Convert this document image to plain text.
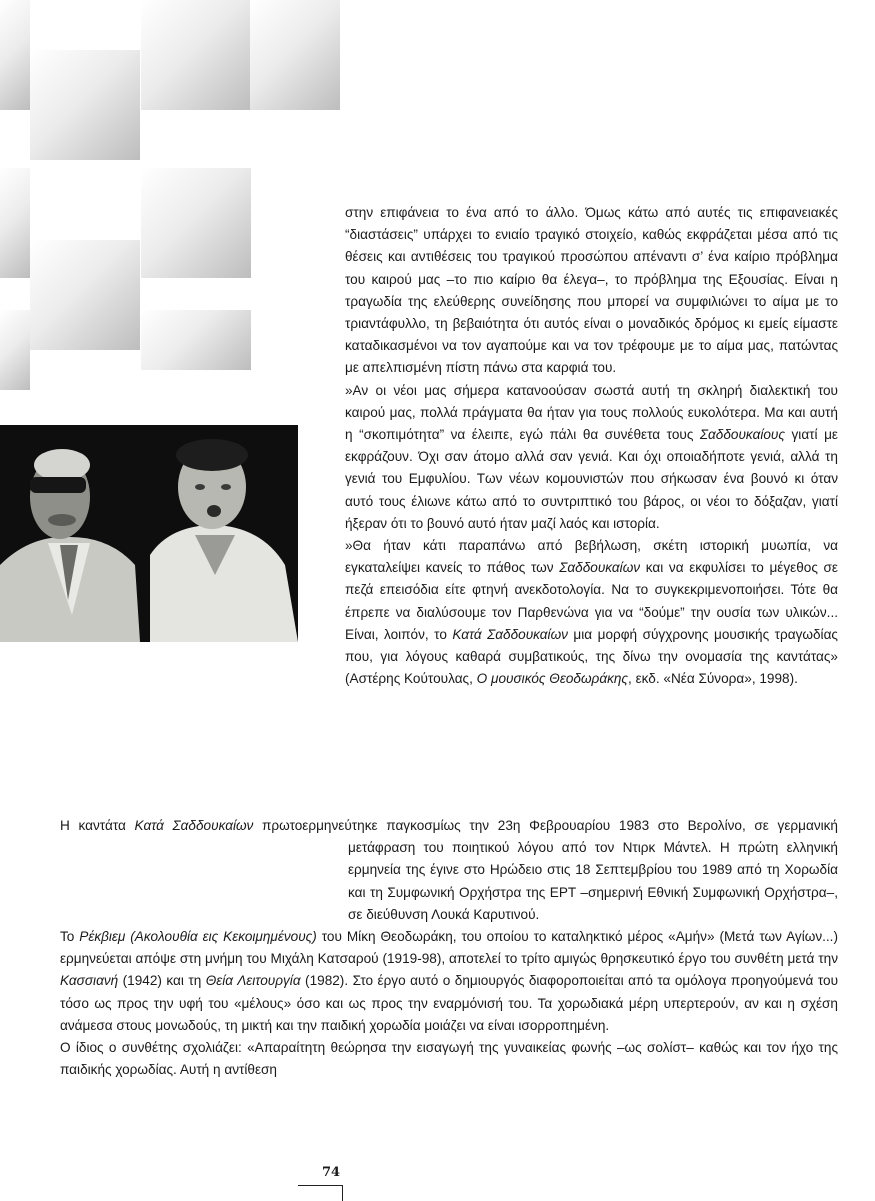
στην επιφάνεια το ένα από το άλλο. Όμως κάτω από αυτές τις επιφανειακές “διαστάσεις” υπάρχει το ενιαίο τραγικό στοιχείο, καθώς εκφράζεται μέσα από τις θέσεις και αντιθέσεις του τραγικού προσώπου απέναντι σ’ ένα καίριο πρόβλημα του καιρού μας –το πιο καίριο θα έλεγα–, το πρόβλημα της Εξουσίας. Είναι η τραγωδία της ελεύθερης συνείδησης που μπορεί να συμφιλιώνει το αίμα με το τριαντάφυλλο, τη βεβαιότητα ότι αυτός είναι ο μοναδικός δρόμος κι εμείς είμαστε καταδικασμένοι να τον αγαπούμε και να τον τρέφουμε με το αίμα μας, πατώντας με απελπισμένη πίστη πάνω στα καρφιά του.

»Αν οι νέοι μας σήμερα κατανοούσαν σωστά αυτή τη σκληρή διαλεκτική του καιρού μας, πολλά πράγματα θα ήταν για τους πολλούς ευκολότερα. Μα και αυτή η “σκοπιμότητα” να έλειπε, εγώ πάλι θα συνέθετα τους Σαδδουκαίους γιατί με εκφράζουν. Όχι σαν άτομο αλλά σαν γενιά. Και όχι οποιαδήποτε γενιά, αλλά τη γενιά του Εμφυλίου. Των νέων κομουνιστών που σήκωσαν ένα βουνό κι όταν αυτό τους έλιωνε κάτω από το συντριπτικό του βάρος, οι νέοι το δόξαζαν, γιατί ήξεραν ότι το βουνό αυτό ήταν μαζί λαός και ιστορία.

»Θα ήταν κάτι παραπάνω από βεβήλωση, σκέτη ιστορική μυωπία, να εγκαταλείψει κανείς το πάθος των Σαδδουκαίων και να εκφυλίσει το μέγεθος σε πεζά επεισόδια είτε φτηνή ανεκδοτολογία. Να το συγκεκριμενοποιήσει. Τότε θα έπρεπε να διαλύσουμε τον Παρθενώνα για να “δούμε” την ουσία των υλικών... Είναι, λοιπόν, το Κατά Σαδδουκαίων μια μορφή σύγχρονης μουσικής τραγωδίας που, για λόγους καθαρά συμβατικούς, της δίνω την ονομασία της καντάτας» (Αστέρης Κούτουλας, Ο μουσικός Θεοδωράκης, εκδ. «Νέα Σύνορα», 1998).

Η καντάτα Κατά Σαδδουκαίων πρωτοερμηνεύτηκε παγκοσμίως την 23η Φεβρουαρίου 1983 στο Βερολίνο, σε γερμανική μετάφραση του ποιητικού λόγου από τον Ντιρκ Μάντελ. Η πρώτη ελληνική ερμηνεία της έγινε στο Ηρώδειο στις 18 Σεπτεμβρίου του 1989 από τη Χορωδία και τη Συμφωνική Ορχήστρα της ΕΡΤ –σημερινή Εθνική Συμφωνική Ορχήστρα–, σε διεύθυνση Λουκά Καρυτινού.

Το Ρέκβιεμ (Ακολουθία εις Κεκοιμημένους) του Μίκη Θεοδωράκη, του οποίου το καταληκτικό μέρος «Αμήν» (Μετά των Αγίων...) ερμηνεύεται απόψε στη μνήμη του Μιχάλη Κατσαρού (1919-98), αποτελεί το τρίτο αμιγώς θρησκευτικό έργο του συνθέτη μετά την Κασσιανή (1942) και τη Θεία Λειτουργία (1982). Στο έργο αυτό ο δημιουργός διαφοροποιείται από τα ομόλογα προηγούμενά του τόσο ως προς την υφή του «μέλους» όσο και ως προς την εναρμόνισή του. Τα χορωδιακά μέρη υπερτερούν, αν και η σχέση ανάμεσα στους μονωδούς, τη μικτή και την παιδική χορωδία μοιάζει να είναι ισορροπημένη.

Ο ίδιος ο συνθέτης σχολιάζει: «Απαραίτητη θεώρησα την εισαγωγή της γυναικείας φωνής –ως σολίστ– καθώς και τον ήχο της παιδικής χορωδίας. Αυτή η αντίθεση

74
